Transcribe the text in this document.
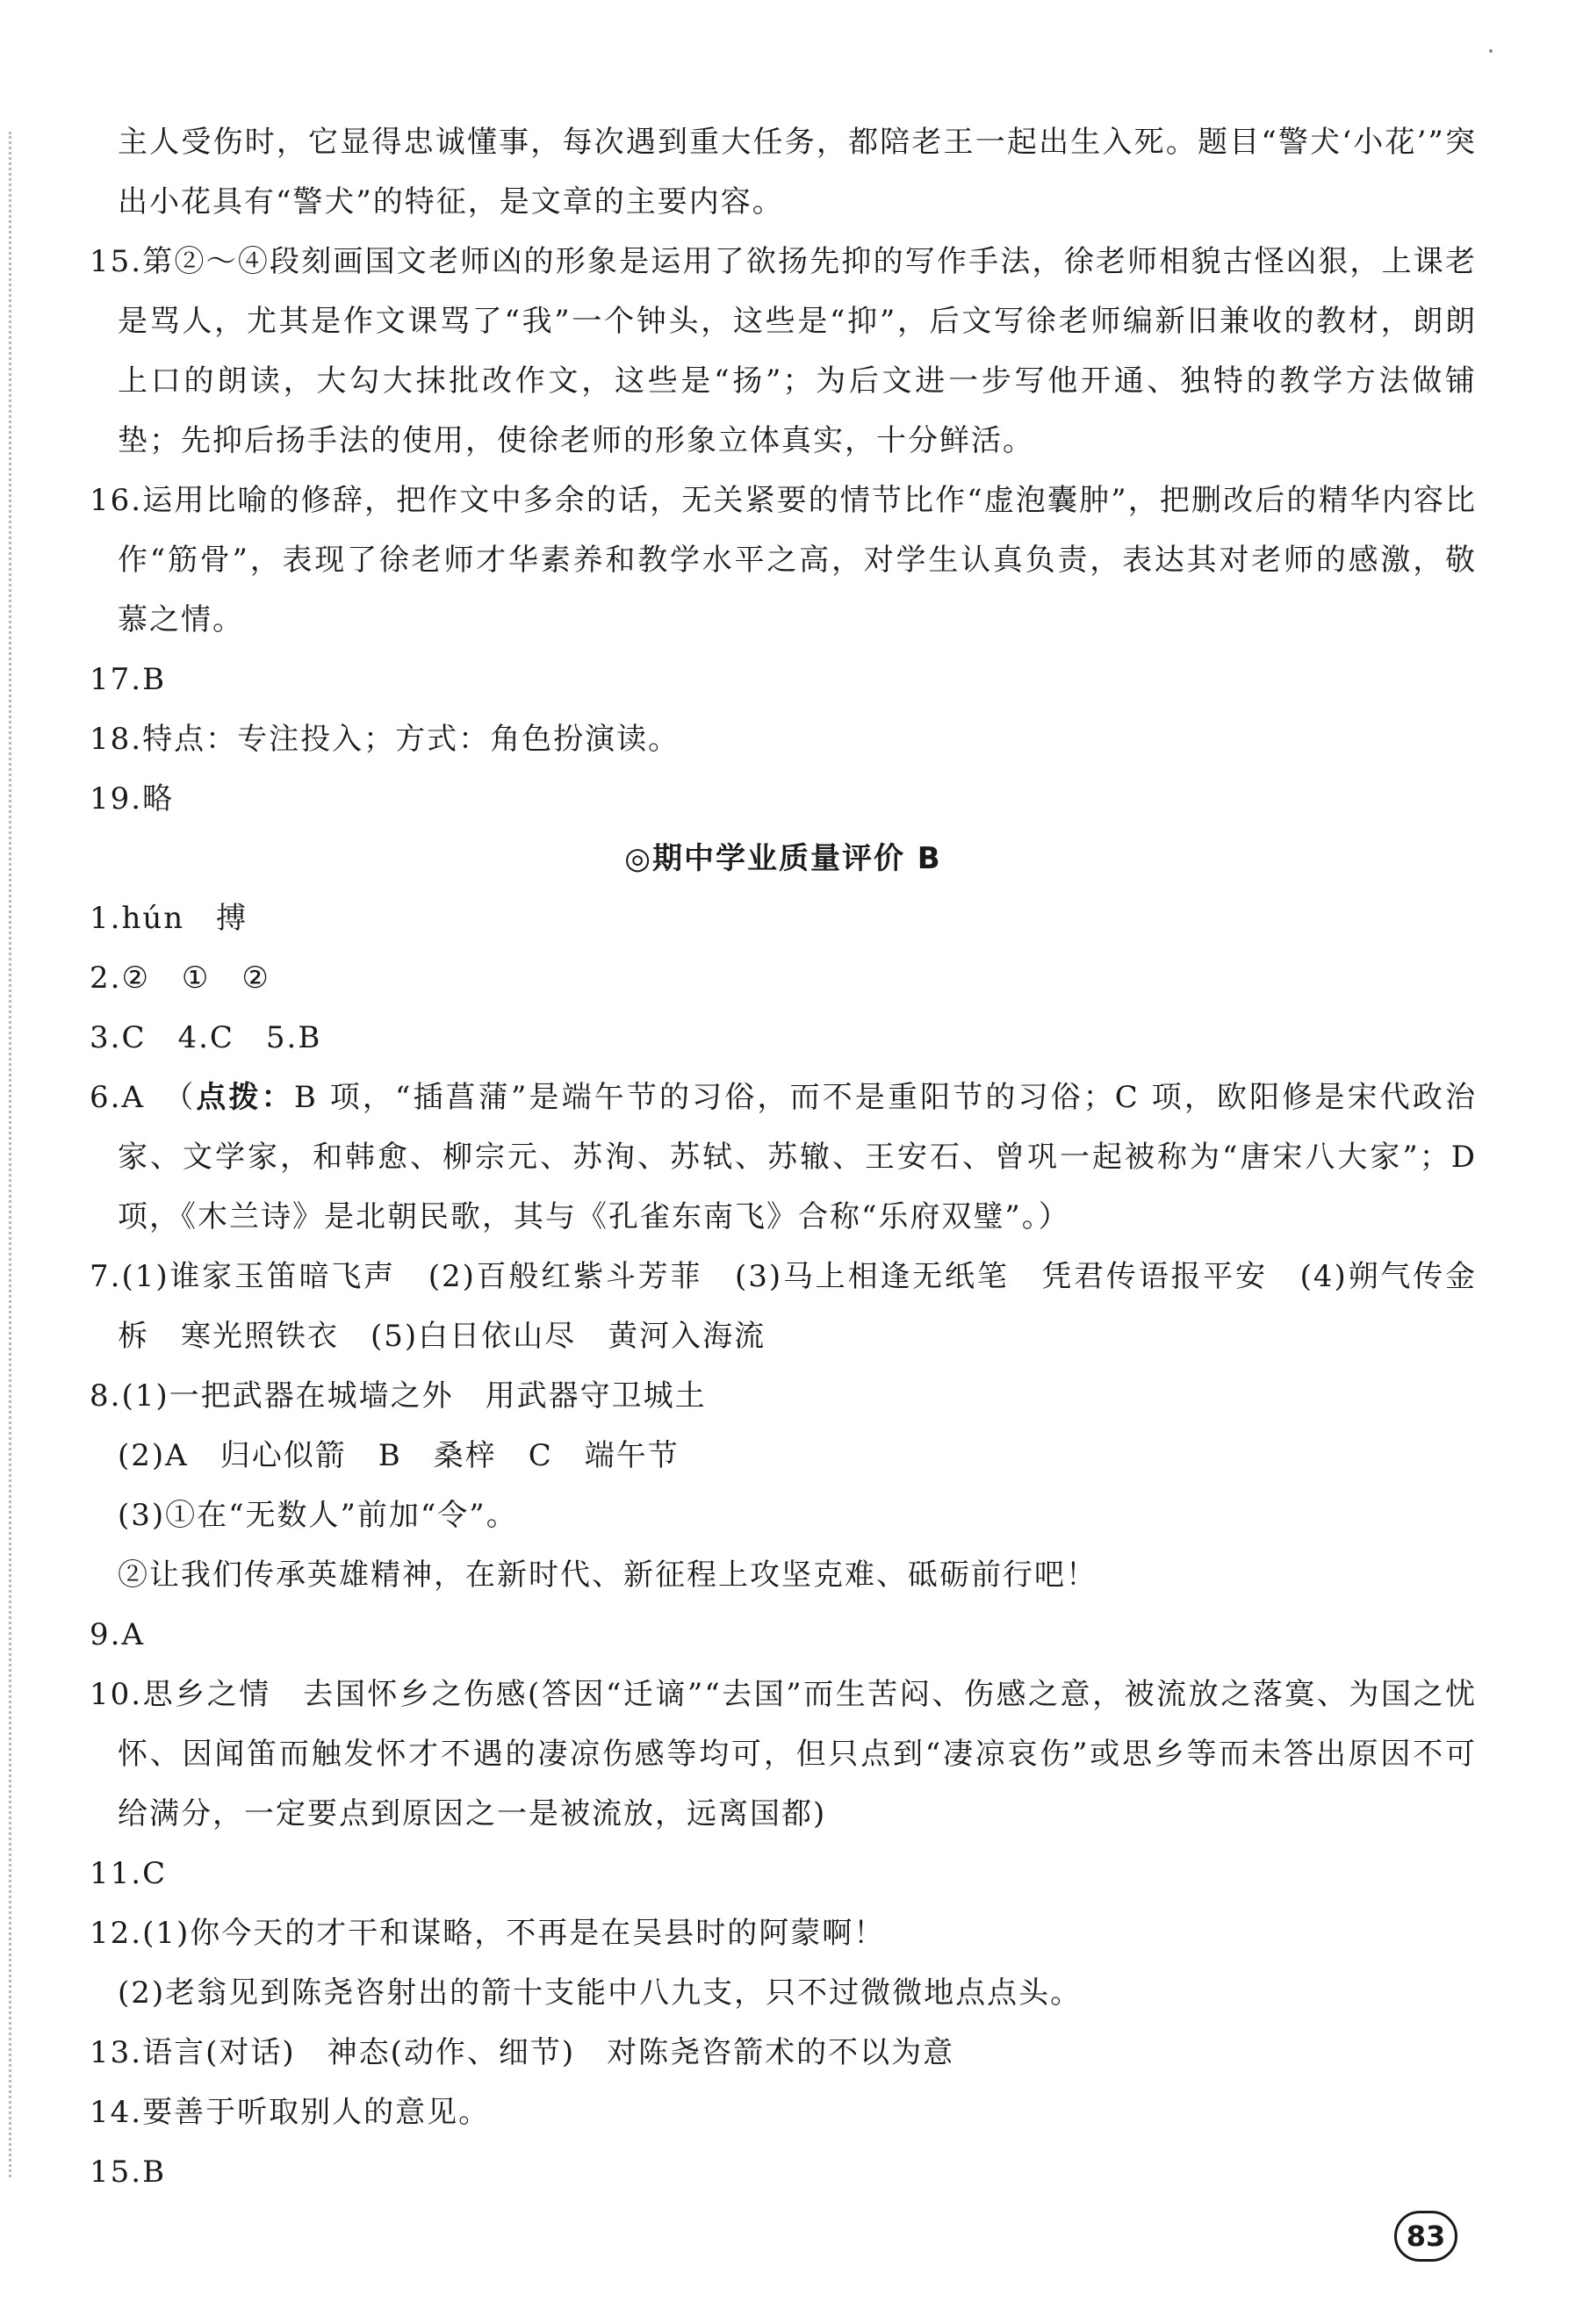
主人受伤时，它显得忠诚懂事，每次遇到重大任务，都陪老王一起出生入死。题目“警犬‘小花’”突出小花具有“警犬”的特征，是文章的主要内容。

15.第②～④段刻画国文老师凶的形象是运用了欲扬先抑的写作手法，徐老师相貌古怪凶狠，上课老是骂人，尤其是作文课骂了“我”一个钟头，这些是“抑”，后文写徐老师编新旧兼收的教材，朗朗上口的朗读，大勾大抹批改作文，这些是“扬”；为后文进一步写他开通、独特的教学方法做铺垫；先抑后扬手法的使用，使徐老师的形象立体真实，十分鲜活。

16.运用比喻的修辞，把作文中多余的话，无关紧要的情节比作“虚泡囊肿”，把删改后的精华内容比作“筋骨”，表现了徐老师才华素养和教学水平之高，对学生认真负责，表达其对老师的感激，敬慕之情。

17.B

18.特点：专注投入；方式：角色扮演读。

19.略

◎期中学业质量评价 B

1.hún　搏

2.②　①　②

3.C　4.C　5.B

6.A　（点拨：B 项，“插菖蒲”是端午节的习俗，而不是重阳节的习俗；C 项，欧阳修是宋代政治家、文学家，和韩愈、柳宗元、苏洵、苏轼、苏辙、王安石、曾巩一起被称为“唐宋八大家”；D 项，《木兰诗》是北朝民歌，其与《孔雀东南飞》合称“乐府双璧”。）

7.(1)谁家玉笛暗飞声　(2)百般红紫斗芳菲　(3)马上相逢无纸笔　凭君传语报平安　(4)朔气传金柝　寒光照铁衣　(5)白日依山尽　黄河入海流

8.(1)一把武器在城墙之外　用武器守卫城土

(2)A　归心似箭　B　桑梓　C　端午节

(3)①在“无数人”前加“令”。

②让我们传承英雄精神，在新时代、新征程上攻坚克难、砥砺前行吧！

9.A

10.思乡之情　去国怀乡之伤感(答因“迁谪”“去国”而生苦闷、伤感之意，被流放之落寞、为国之忧怀、因闻笛而触发怀才不遇的凄凉伤感等均可，但只点到“凄凉哀伤”或思乡等而未答出原因不可给满分，一定要点到原因之一是被流放，远离国都)

11.C

12.(1)你今天的才干和谋略，不再是在吴县时的阿蒙啊！

(2)老翁见到陈尧咨射出的箭十支能中八九支，只不过微微地点点头。

13.语言(对话)　神态(动作、细节)　对陈尧咨箭术的不以为意

14.要善于听取别人的意见。

15.B

83
